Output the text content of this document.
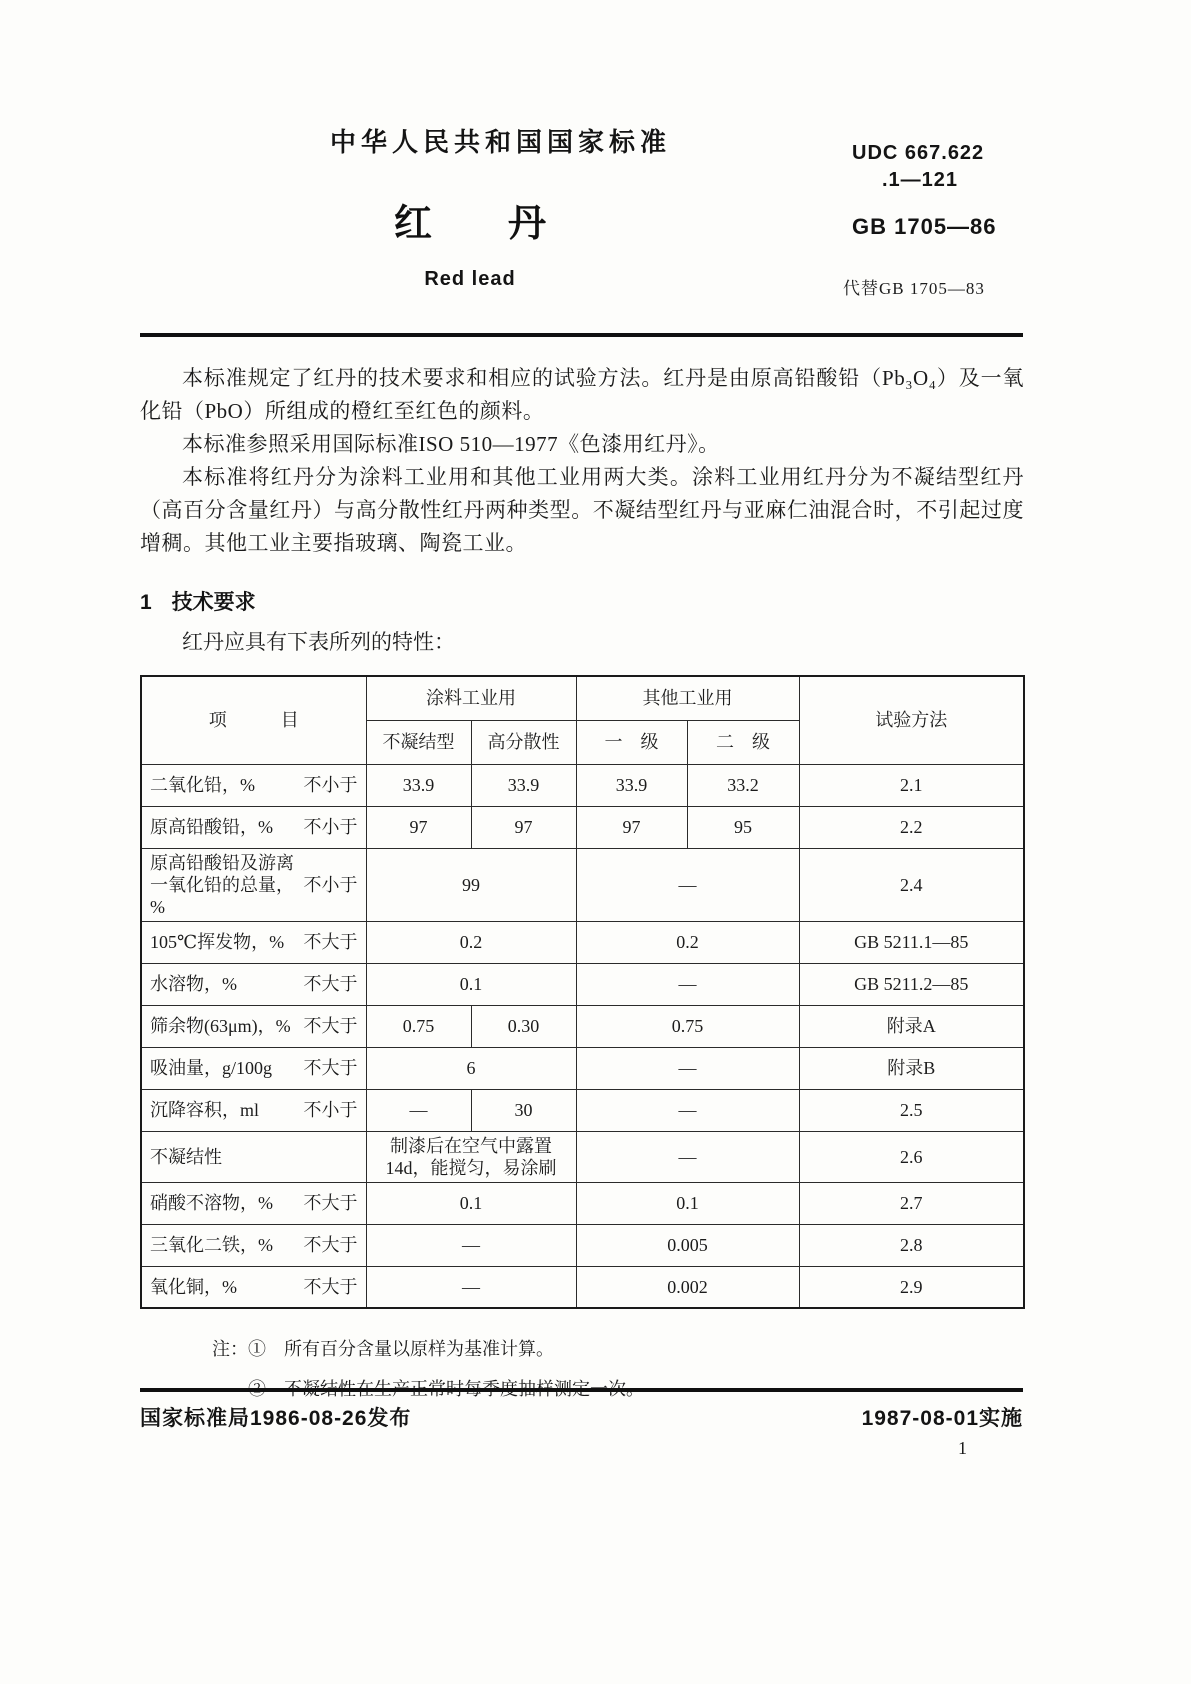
中华人民共和国国家标准	UDC 667.622
.1—121
红　　丹	GB 1705—86
Red lead	代替GB 1705—83

本标准规定了红丹的技术要求和相应的试验方法。红丹是由原高铅酸铅（Pb₃O₄）及一氧化铅（PbO）所组成的橙红至红色的颜料。

本标准参照采用国际标准ISO 510—1977《色漆用红丹》。

本标准将红丹分为涂料工业用和其他工业用两大类。涂料工业用红丹分为不凝结型红丹（高百分含量红丹）与高分散性红丹两种类型。不凝结型红丹与亚麻仁油混合时，不引起过度增稠。其他工业主要指玻璃、陶瓷工业。

1 技术要求

红丹应具有下表所列的特性：

项　　　目	涂料工业用		其他工业用		试验方法
	不凝结型	高分散性	一　级	二　级	

二氧化铅，% 不小于	33.9	33.9	33.9	33.2	2.1

原高铅酸铅，% 不小于	97	97	97	95	2.2

原高铅酸铅及游离一氧化铅的总量，%
不小于	99		—		2.4

105℃挥发物，% 不大于	0.2		0.2		GB 5211.1—85

水溶物，% 不大于	0.1		—		GB 5211.2—85

筛余物(63μm)，% 不大于	0.75	0.30	0.75		附录A

吸油量，g/100g 不大于	6		—		附录B

沉降容积，ml 不小于	—	30	—		2.5

不凝结性	制漆后在空气中露置14d，能搅匀，易涂刷		—		2.6

硝酸不溶物，% 不大于	0.1		0.1		2.7

三氧化二铁，% 不大于	—		0.005		2.8

氧化铜，% 不大于	—		0.002		2.9
注： ①　所有百分含量以原样为基准计算。
国家标准局1986-08-26发布	1987-08-01实施
1
